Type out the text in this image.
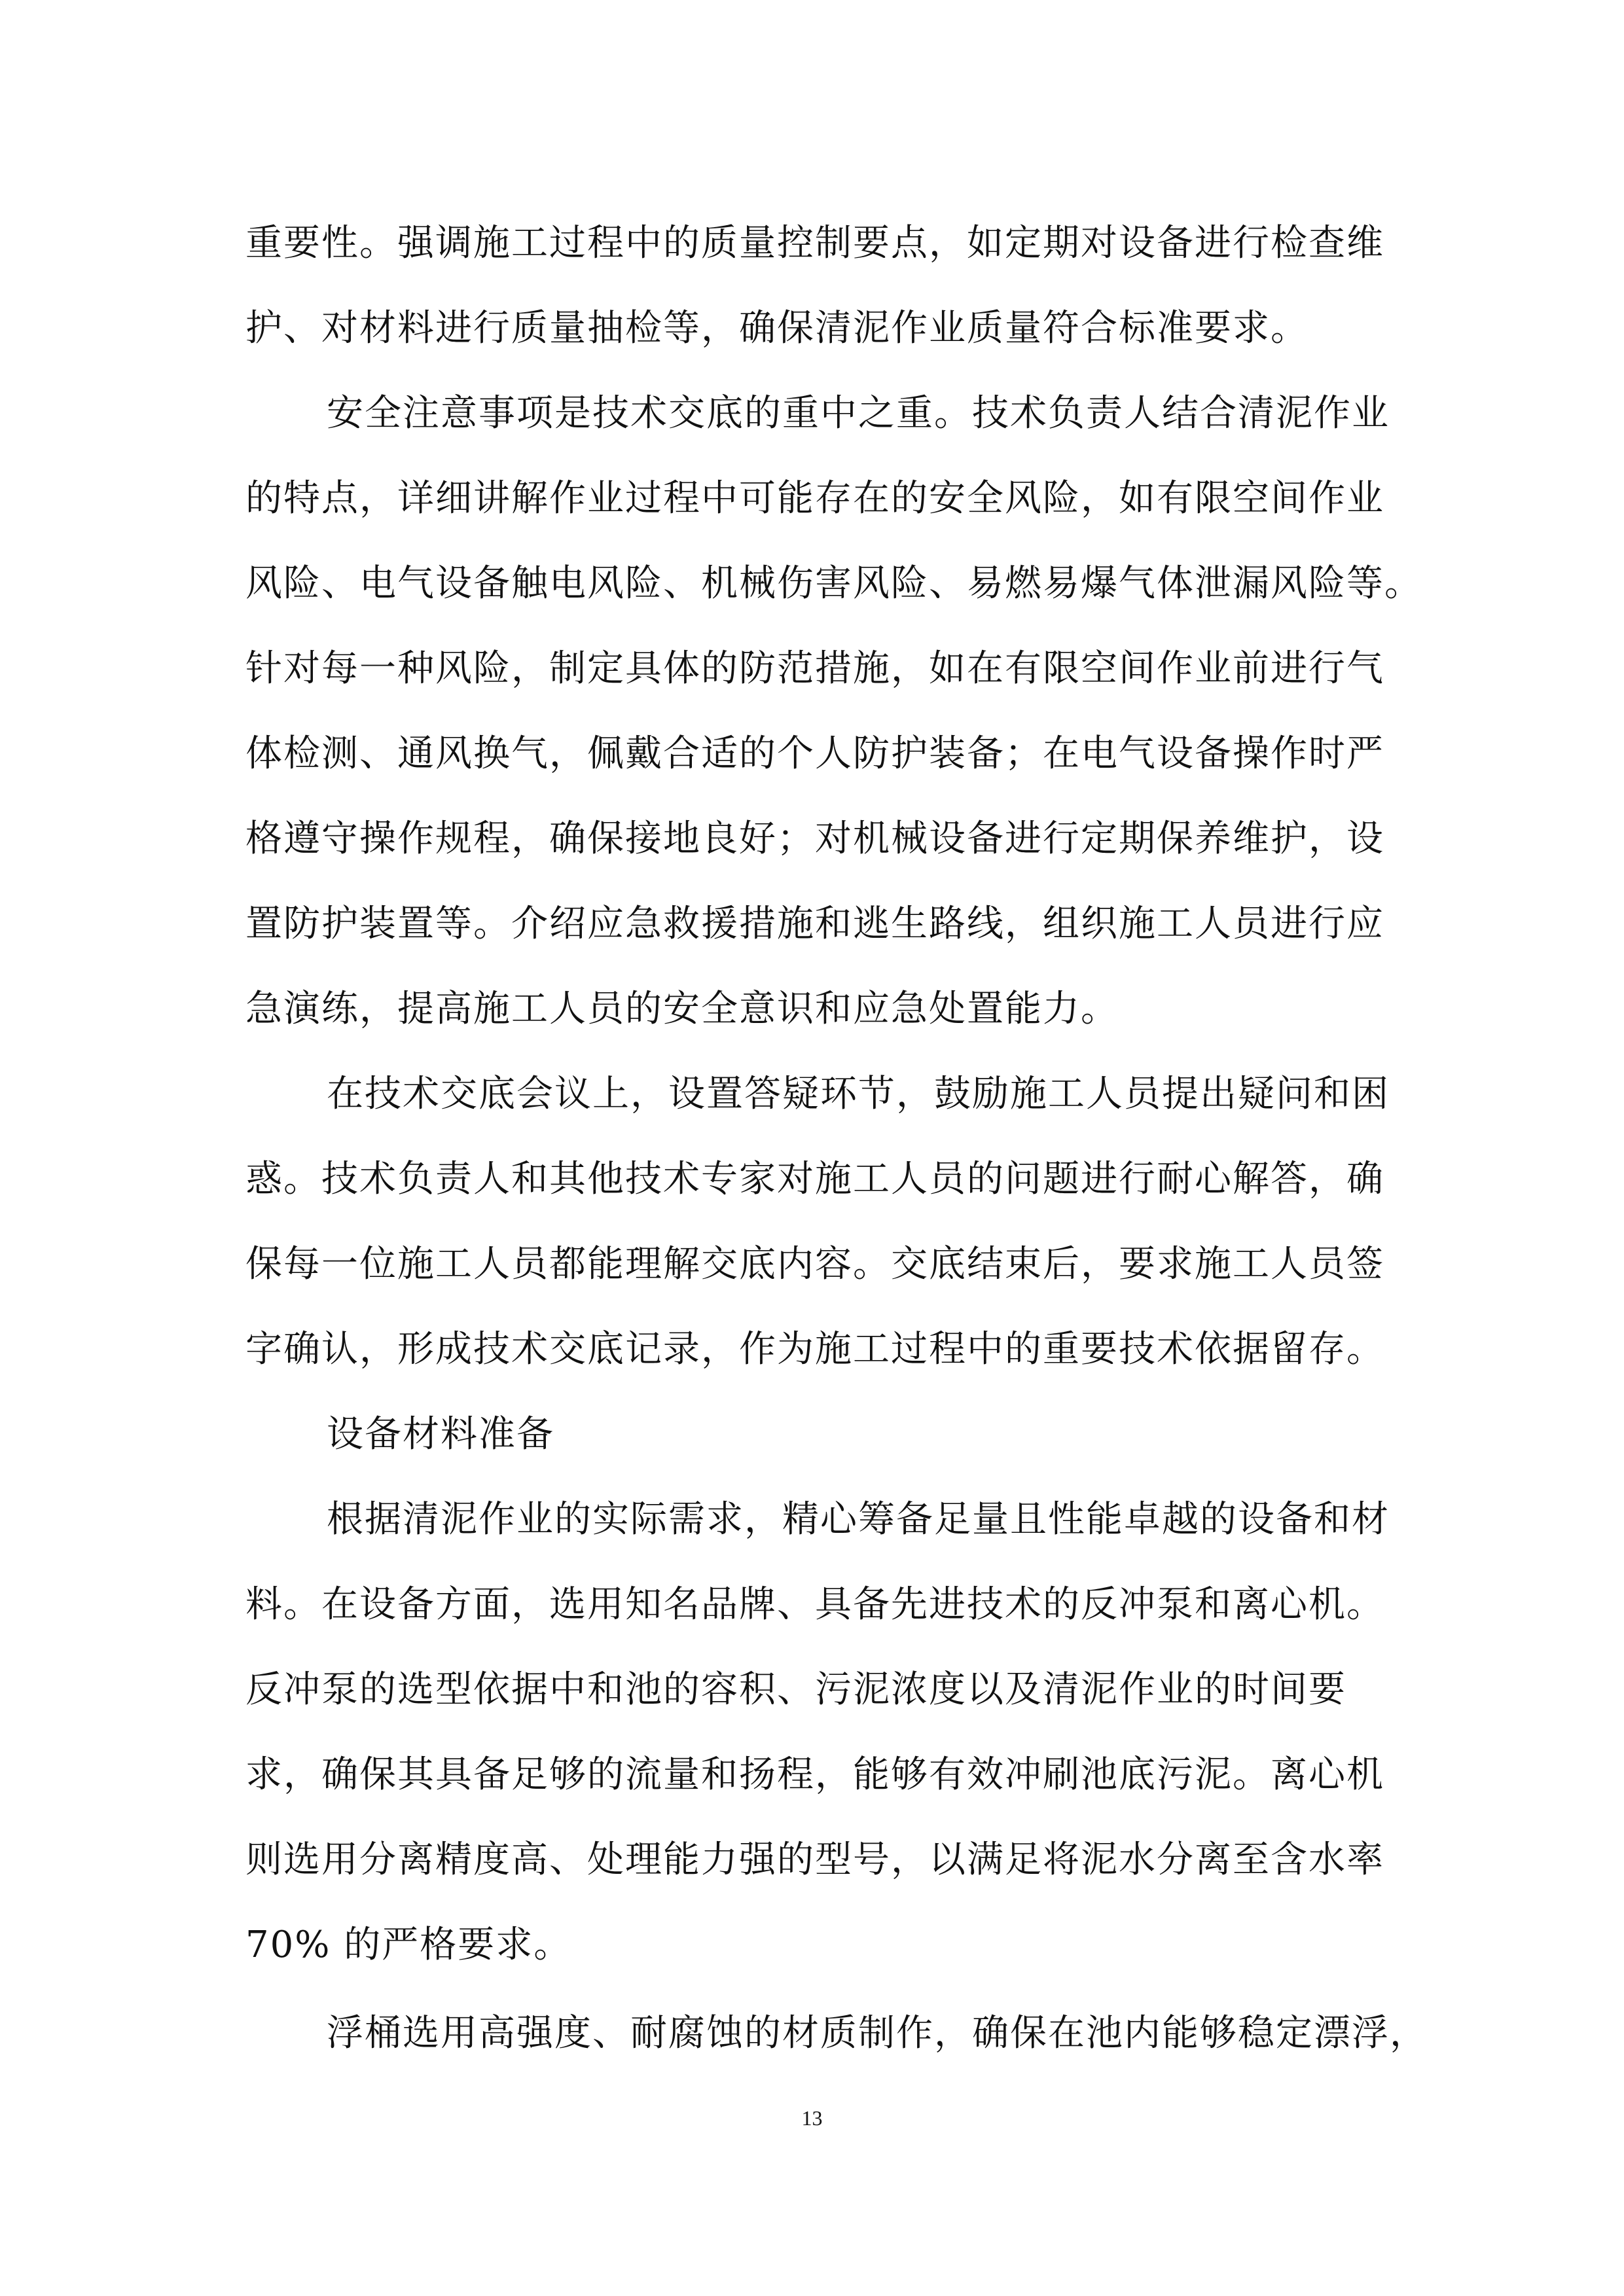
重要性。强调施工过程中的质量控制要点，如定期对设备进行检查维
护、对材料进行质量抽检等，确保清泥作业质量符合标准要求。
安全注意事项是技术交底的重中之重。技术负责人结合清泥作业
的特点，详细讲解作业过程中可能存在的安全风险，如有限空间作业
风险、电气设备触电风险、机械伤害风险、易燃易爆气体泄漏风险等。
针对每一种风险，制定具体的防范措施，如在有限空间作业前进行气
体检测、通风换气，佩戴合适的个人防护装备；在电气设备操作时严
格遵守操作规程，确保接地良好；对机械设备进行定期保养维护，设
置防护装置等。介绍应急救援措施和逃生路线，组织施工人员进行应
急演练，提高施工人员的安全意识和应急处置能力。
在技术交底会议上，设置答疑环节，鼓励施工人员提出疑问和困
惑。技术负责人和其他技术专家对施工人员的问题进行耐心解答，确
保每一位施工人员都能理解交底内容。交底结束后，要求施工人员签
字确认，形成技术交底记录，作为施工过程中的重要技术依据留存。
设备材料准备
根据清泥作业的实际需求，精心筹备足量且性能卓越的设备和材
料。在设备方面，选用知名品牌、具备先进技术的反冲泵和离心机。
反冲泵的选型依据中和池的容积、污泥浓度以及清泥作业的时间要
求，确保其具备足够的流量和扬程，能够有效冲刷池底污泥。离心机
则选用分离精度高、处理能力强的型号，以满足将泥水分离至含水率
70% 的严格要求。
浮桶选用高强度、耐腐蚀的材质制作，确保在池内能够稳定漂浮，
13
